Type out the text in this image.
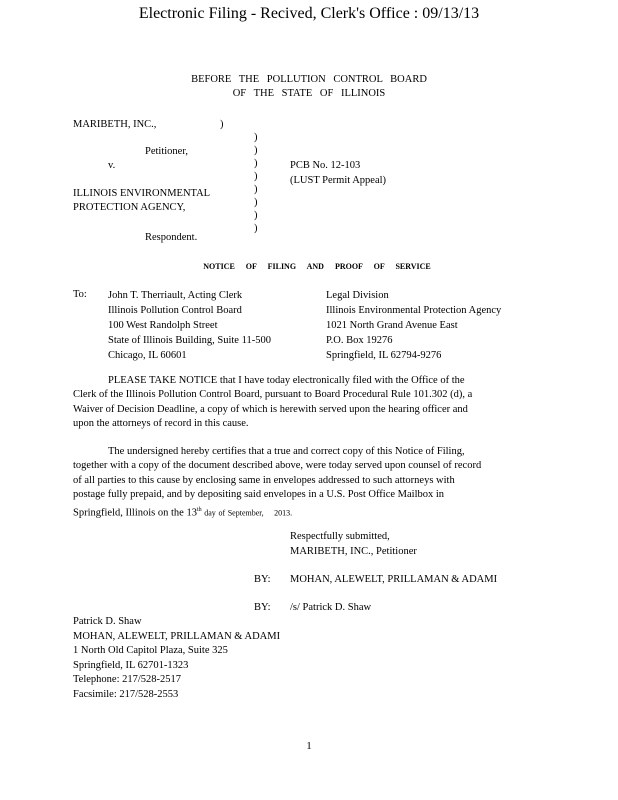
Electronic Filing - Recived, Clerk's Office : 09/13/13
BEFORE THE POLLUTION CONTROL BOARD
OF THE STATE OF ILLINOIS
MARIBETH, INC.,	)
)
)
)
)
)
)
)
)
Petitioner,
v.	PCB No. 12-103
(LUST Permit Appeal)
ILLINOIS ENVIRONMENTAL
PROTECTION AGENCY,
Respondent.
NOTICE OF FILING AND PROOF OF SERVICE
To: John T. Therriault, Acting Clerk
Illinois Pollution Control Board
100 West Randolph Street
State of Illinois Building, Suite 11-500
Chicago, IL 60601
Legal Division
Illinois Environmental Protection Agency
1021 North Grand Avenue East
P.O. Box 19276
Springfield, IL 62794-9276
PLEASE TAKE NOTICE that I have today electronically filed with the Office of the
Clerk of the Illinois Pollution Control Board, pursuant to Board Procedural Rule 101.302 (d), a
Waiver of Decision Deadline, a copy of which is herewith served upon the hearing officer and
upon the attorneys of record in this cause.
The undersigned hereby certifies that a true and correct copy of this Notice of Filing,
together with a copy of the document described above, were today served upon counsel of record
of all parties to this cause by enclosing same in envelopes addressed to such attorneys with
postage fully prepaid, and by depositing said envelopes in a U.S. Post Office Mailbox in
Springfield, Illinois on the 13th day of September, 2013.
Respectfully submitted,
MARIBETH, INC., Petitioner
BY: MOHAN, ALEWELT, PRILLAMAN & ADAMI
BY: /s/ Patrick D. Shaw
Patrick D. Shaw
MOHAN, ALEWELT, PRILLAMAN & ADAMI
1 North Old Capitol Plaza, Suite 325
Springfield, IL 62701-1323
Telephone: 217/528-2517
Facsimile: 217/528-2553
1
